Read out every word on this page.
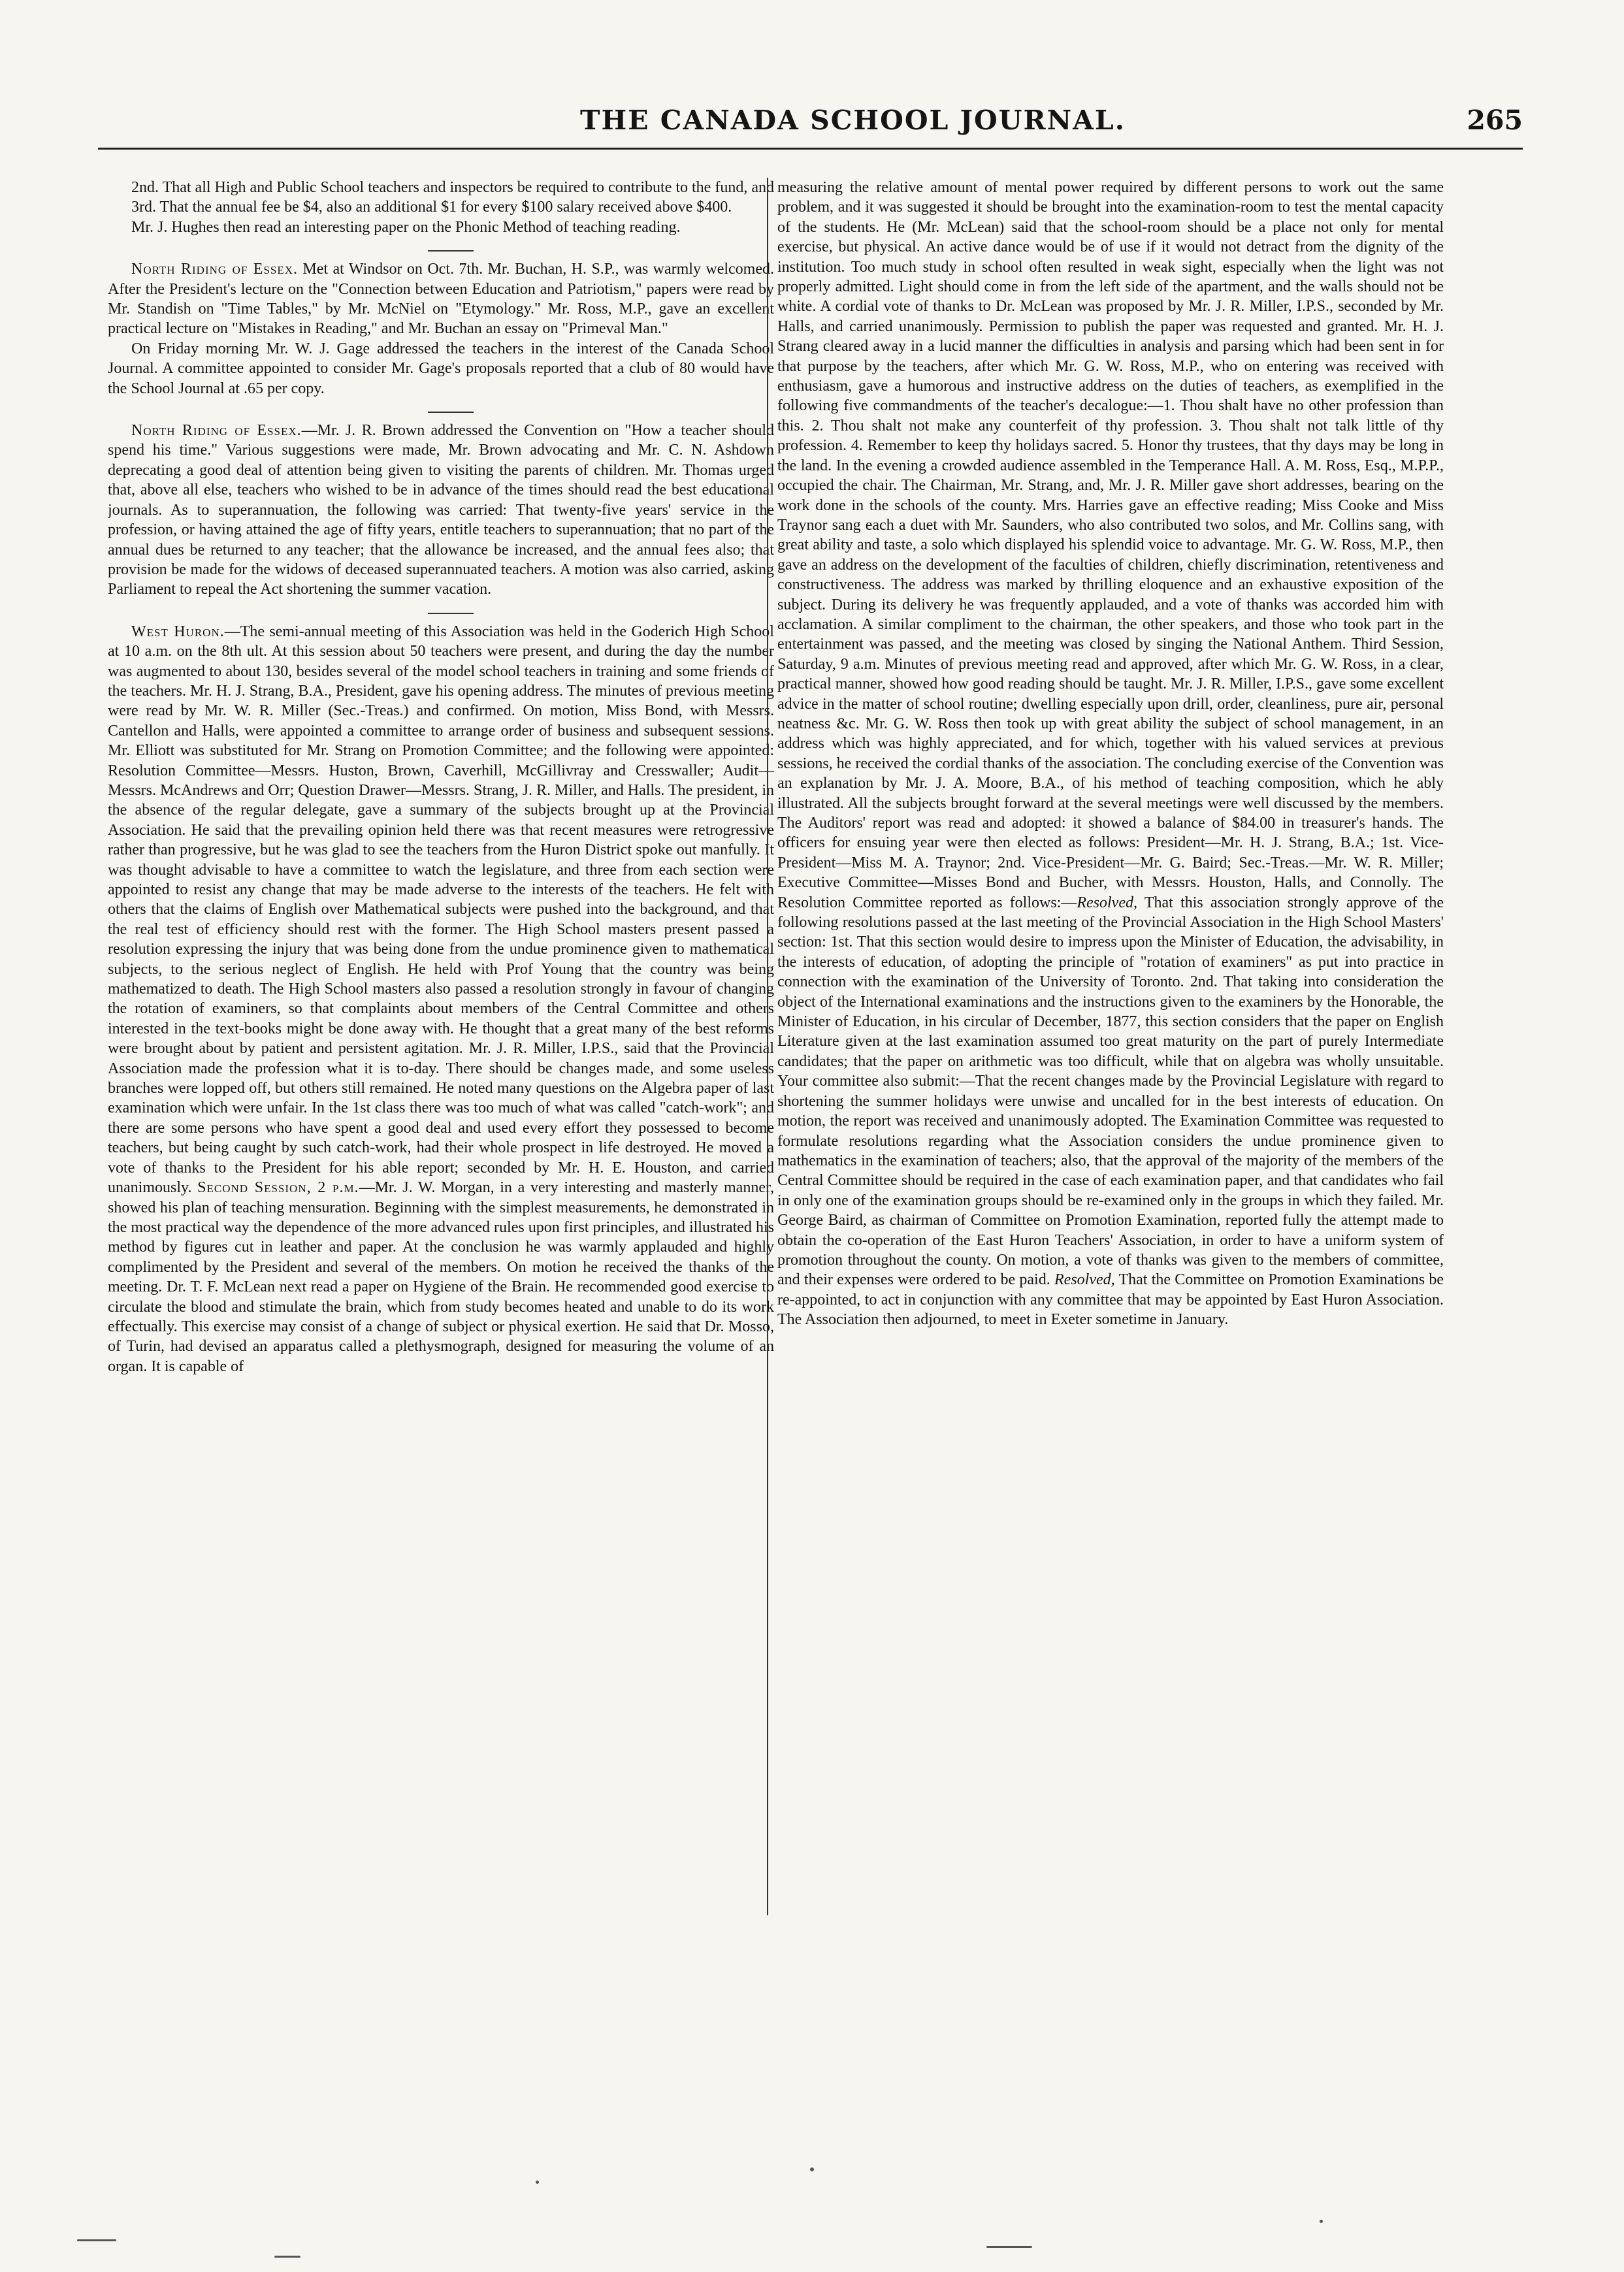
THE CANADA SCHOOL JOURNAL.	265

2nd. That all High and Public School teachers and inspectors be required to contribute to the fund, and

3rd. That the annual fee be $4, also an additional $1 for every $100 salary received above $400.

Mr. J. Hughes then read an interesting paper on the Phonic Method of teaching reading.

North Riding of Essex. Met at Windsor on Oct. 7th. Mr. Buchan, H. S.P., was warmly welcomed. After the President's lecture on the "Connection between Education and Patriotism," papers were read by Mr. Standish on "Time Tables," by Mr. McNiel on "Etymology." Mr. Ross, M.P., gave an excellent practical lecture on "Mistakes in Reading," and Mr. Buchan an essay on "Primeval Man."

On Friday morning Mr. W. J. Gage addressed the teachers in the interest of the Canada School Journal. A committee appointed to consider Mr. Gage's proposals reported that a club of 80 would have the School Journal at .65 per copy.

North Riding of Essex.—Mr. J. R. Brown addressed the Convention on "How a teacher should spend his time." Various suggestions were made, Mr. Brown advocating and Mr. C. N. Ashdown deprecating a good deal of attention being given to visiting the parents of children. Mr. Thomas urged that, above all else, teachers who wished to be in advance of the times should read the best educational journals. As to superannuation, the following was carried: That twenty-five years' service in the profession, or having attained the age of fifty years, entitle teachers to superannuation; that no part of the annual dues be returned to any teacher; that the allowance be increased, and the annual fees also; that provision be made for the widows of deceased superannuated teachers. A motion was also carried, asking Parliament to repeal the Act shortening the summer vacation.

West Huron.—The semi-annual meeting of this Association was held in the Goderich High School at 10 a.m. on the 8th ult. At this session about 50 teachers were present, and during the day the number was augmented to about 130, besides several of the model school teachers in training and some friends of the teachers. Mr. H. J. Strang, B.A., President, gave his opening address. The minutes of previous meeting were read by Mr. W. R. Miller (Sec.-Treas.) and confirmed. On motion, Miss Bond, with Messrs. Cantellon and Halls, were appointed a committee to arrange order of business and subsequent sessions. Mr. Elliott was substituted for Mr. Strang on Promotion Committee; and the following were appointed: Resolution Committee—Messrs. Huston, Brown, Caverhill, McGillivray and Cresswaller; Audit—Messrs. McAndrews and Orr; Question Drawer—Messrs. Strang, J. R. Miller, and Halls. The president, in the absence of the regular delegate, gave a summary of the subjects brought up at the Provincial Association. He said that the prevailing opinion held there was that recent measures were retrogressive rather than progressive, but he was glad to see the teachers from the Huron District spoke out manfully. It was thought advisable to have a committee to watch the legislature, and three from each section were appointed to resist any change that may be made adverse to the interests of the teachers. He felt with others that the claims of English over Mathematical subjects were pushed into the background, and that the real test of efficiency should rest with the former. The High School masters present passed a resolution expressing the injury that was being done from the undue prominence given to mathematical subjects, to the serious neglect of English. He held with Prof Young that the country was being mathematized to death. The High School masters also passed a resolution strongly in favour of changing the rotation of examiners, so that complaints about members of the Central Committee and others interested in the text-books might be done away with. He thought that a great many of the best reforms were brought about by patient and persistent agitation. Mr. J. R. Miller, I.P.S., said that the Provincial Association made the profession what it is to-day. There should be changes made, and some useless branches were lopped off, but others still remained. He noted many questions on the Algebra paper of last examination which were unfair. In the 1st class there was too much of what was called "catch-work"; and there are some persons who have spent a good deal and used every effort they possessed to become teachers, but being caught by such catch-work, had their whole prospect in life destroyed. He moved a vote of thanks to the President for his able report; seconded by Mr. H. E. Houston, and carried unanimously. Second Session, 2 p.m.—Mr. J. W. Morgan, in a very interesting and masterly manner, showed his plan of teaching mensuration. Beginning with the simplest measurements, he demonstrated in the most practical way the dependence of the more advanced rules upon first principles, and illustrated his method by figures cut in leather and paper. At the conclusion he was warmly applauded and highly complimented by the President and several of the members. On motion he received the thanks of the meeting. Dr. T. F. McLean next read a paper on Hygiene of the Brain. He recommended good exercise to circulate the blood and stimulate the brain, which from study becomes heated and unable to do its work effectually. This exercise may consist of a change of subject or physical exertion. He said that Dr. Mosso, of Turin, had devised an apparatus called a plethysmograph, designed for measuring the volume of an organ. It is capable of

measuring the relative amount of mental power required by different persons to work out the same problem, and it was suggested it should be brought into the examination-room to test the mental capacity of the students. He (Mr. McLean) said that the school-room should be a place not only for mental exercise, but physical. An active dance would be of use if it would not detract from the dignity of the institution. Too much study in school often resulted in weak sight, especially when the light was not properly admitted. Light should come in from the left side of the apartment, and the walls should not be white. A cordial vote of thanks to Dr. McLean was proposed by Mr. J. R. Miller, I.P.S., seconded by Mr. Halls, and carried unanimously. Permission to publish the paper was requested and granted. Mr. H. J. Strang cleared away in a lucid manner the difficulties in analysis and parsing which had been sent in for that purpose by the teachers, after which Mr. G. W. Ross, M.P., who on entering was received with enthusiasm, gave a humorous and instructive address on the duties of teachers, as exemplified in the following five commandments of the teacher's decalogue:—1. Thou shalt have no other profession than this. 2. Thou shalt not make any counterfeit of thy profession. 3. Thou shalt not talk little of thy profession. 4. Remember to keep thy holidays sacred. 5. Honor thy trustees, that thy days may be long in the land. In the evening a crowded audience assembled in the Temperance Hall. A. M. Ross, Esq., M.P.P., occupied the chair. The Chairman, Mr. Strang, and, Mr. J. R. Miller gave short addresses, bearing on the work done in the schools of the county. Mrs. Harries gave an effective reading; Miss Cooke and Miss Traynor sang each a duet with Mr. Saunders, who also contributed two solos, and Mr. Collins sang, with great ability and taste, a solo which displayed his splendid voice to advantage. Mr. G. W. Ross, M.P., then gave an address on the development of the faculties of children, chiefly discrimination, retentiveness and constructiveness. The address was marked by thrilling eloquence and an exhaustive exposition of the subject. During its delivery he was frequently applauded, and a vote of thanks was accorded him with acclamation. A similar compliment to the chairman, the other speakers, and those who took part in the entertainment was passed, and the meeting was closed by singing the National Anthem. Third Session, Saturday, 9 a.m. Minutes of previous meeting read and approved, after which Mr. G. W. Ross, in a clear, practical manner, showed how good reading should be taught. Mr. J. R. Miller, I.P.S., gave some excellent advice in the matter of school routine; dwelling especially upon drill, order, cleanliness, pure air, personal neatness &c. Mr. G. W. Ross then took up with great ability the subject of school management, in an address which was highly appreciated, and for which, together with his valued services at previous sessions, he received the cordial thanks of the association. The concluding exercise of the Convention was an explanation by Mr. J. A. Moore, B.A., of his method of teaching composition, which he ably illustrated. All the subjects brought forward at the several meetings were well discussed by the members. The Auditors' report was read and adopted: it showed a balance of $84.00 in treasurer's hands. The officers for ensuing year were then elected as follows: President—Mr. H. J. Strang, B.A.; 1st. Vice-President—Miss M. A. Traynor; 2nd. Vice-President—Mr. G. Baird; Sec.-Treas.—Mr. W. R. Miller; Executive Committee—Misses Bond and Bucher, with Messrs. Houston, Halls, and Connolly. The Resolution Committee reported as follows:—Resolved, That this association strongly approve of the following resolutions passed at the last meeting of the Provincial Association in the High School Masters' section: 1st. That this section would desire to impress upon the Minister of Education, the advisability, in the interests of education, of adopting the principle of "rotation of examiners" as put into practice in connection with the examination of the University of Toronto. 2nd. That taking into consideration the object of the International examinations and the instructions given to the examiners by the Honorable, the Minister of Education, in his circular of December, 1877, this section considers that the paper on English Literature given at the last examination assumed too great maturity on the part of purely Intermediate candidates; that the paper on arithmetic was too difficult, while that on algebra was wholly unsuitable. Your committee also submit:—That the recent changes made by the Provincial Legislature with regard to shortening the summer holidays were unwise and uncalled for in the best interests of education. On motion, the report was received and unanimously adopted. The Examination Committee was requested to formulate resolutions regarding what the Association considers the undue prominence given to mathematics in the examination of teachers; also, that the approval of the majority of the members of the Central Committee should be required in the case of each examination paper, and that candidates who fail in only one of the examination groups should be re-examined only in the groups in which they failed. Mr. George Baird, as chairman of Committee on Promotion Examination, reported fully the attempt made to obtain the co-operation of the East Huron Teachers' Association, in order to have a uniform system of promotion throughout the county. On motion, a vote of thanks was given to the members of committee, and their expenses were ordered to be paid. Resolved, That the Committee on Promotion Examinations be re-appointed, to act in conjunction with any committee that may be appointed by East Huron Association. The Association then adjourned, to meet in Exeter sometime in January.
